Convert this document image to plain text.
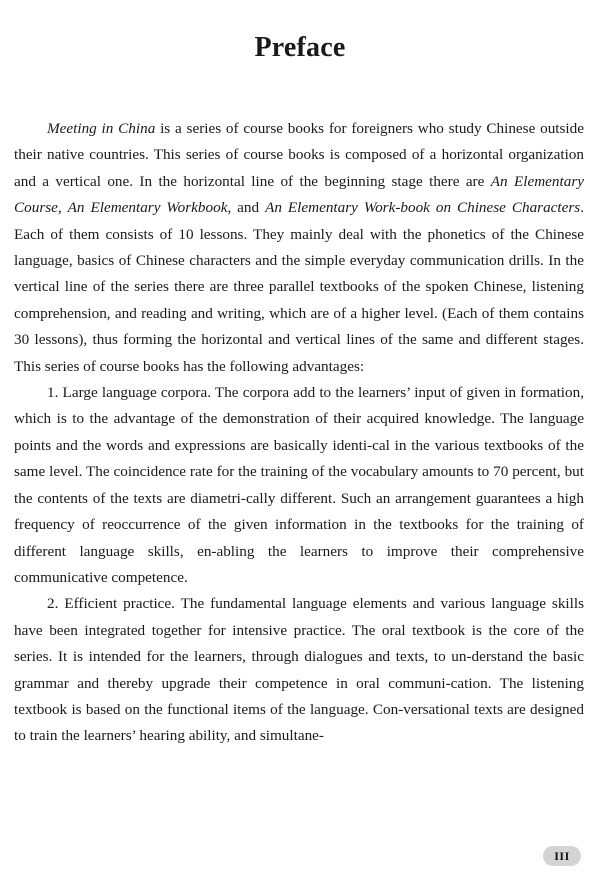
Preface

Meeting in China is a series of course books for foreigners who study Chinese outside their native countries. This series of course books is composed of a horizontal organization and a vertical one. In the horizontal line of the beginning stage there are An Elementary Course, An Elementary Workbook, and An Elementary Work-book on Chinese Characters. Each of them consists of 10 lessons. They mainly deal with the phonetics of the Chinese language, basics of Chinese characters and the simple everyday communication drills. In the vertical line of the series there are three parallel textbooks of the spoken Chinese, listening comprehension, and reading and writing, which are of a higher level. (Each of them contains 30 lessons), thus forming the horizontal and vertical lines of the same and different stages. This series of course books has the following advantages:

1. Large language corpora. The corpora add to the learners’ input of given in formation, which is to the advantage of the demonstration of their acquired knowledge. The language points and the words and expressions are basically identi-cal in the various textbooks of the same level. The coincidence rate for the training of the vocabulary amounts to 70 percent, but the contents of the texts are diametri-cally different. Such an arrangement guarantees a high frequency of reoccurrence of the given information in the textbooks for the training of different language skills, en-abling the learners to improve their comprehensive communicative competence.

2. Efficient practice. The fundamental language elements and various language skills have been integrated together for intensive practice. The oral textbook is the core of the series. It is intended for the learners, through dialogues and texts, to un-derstand the basic grammar and thereby upgrade their competence in oral communi-cation. The listening textbook is based on the functional items of the language. Con-versational texts are designed to train the learners’ hearing ability, and simultane-

III
